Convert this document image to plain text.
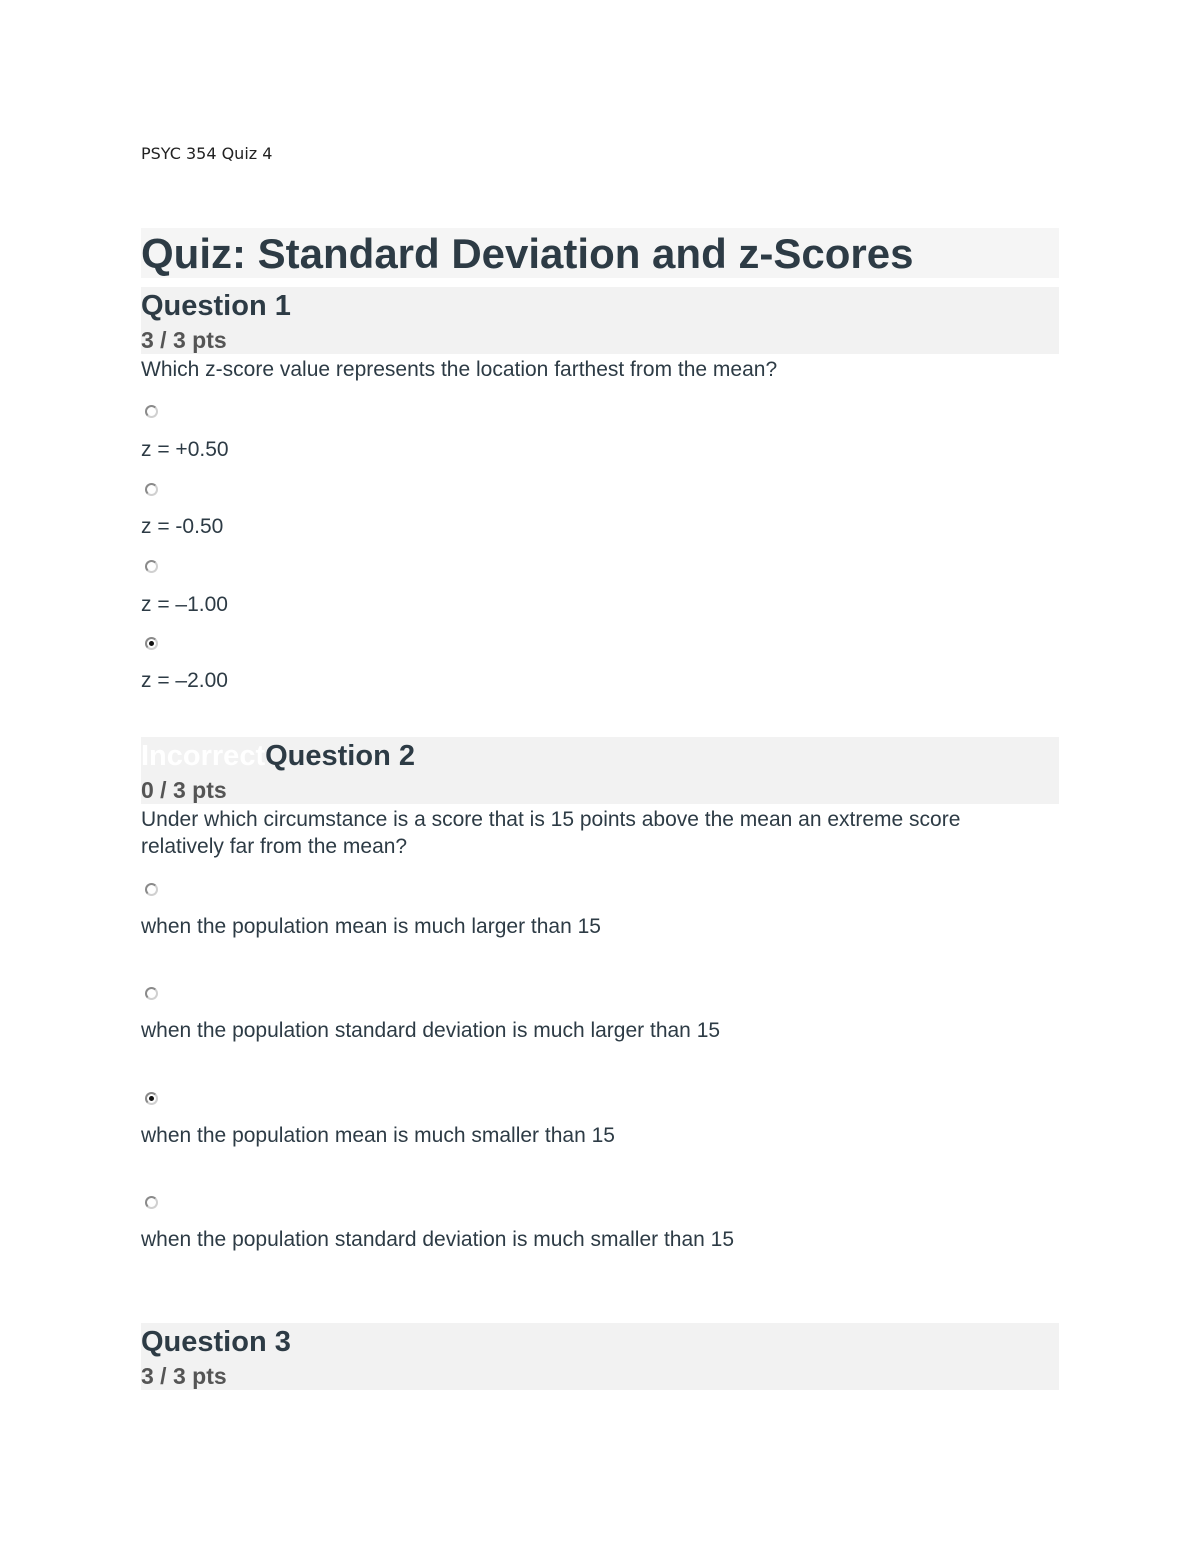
PSYC 354 Quiz 4
Quiz: Standard Deviation and z-Scores
Question 1
3 / 3 pts
Which z-score value represents the location farthest from the mean?
z = +0.50
z = -0.50
z = –1.00
z = –2.00
IncorrectQuestion 2
0 / 3 pts
Under which circumstance is a score that is 15 points above the mean an extreme score relatively far from the mean?
when the population mean is much larger than 15
when the population standard deviation is much larger than 15
when the population mean is much smaller than 15
when the population standard deviation is much smaller than 15
Question 3
3 / 3 pts
